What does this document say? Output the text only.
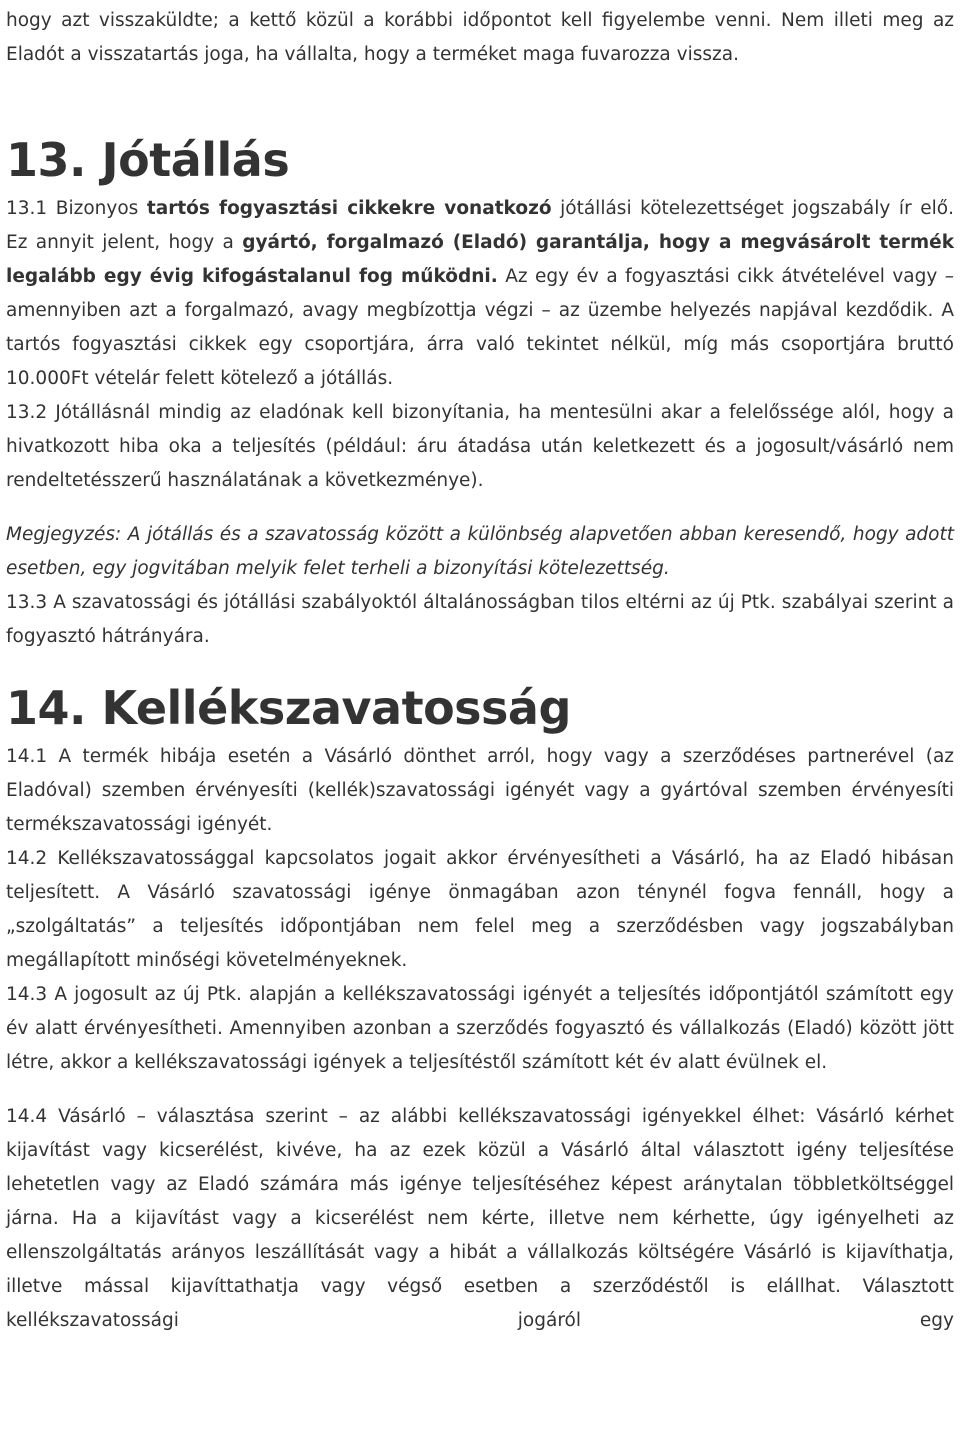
hogy azt visszaküldte; a kettő közül a korábbi időpontot kell figyelembe venni. Nem illeti meg az Eladót a visszatartás joga, ha vállalta, hogy a terméket maga fuvarozza vissza.

13. Jótállás

13.1 Bizonyos tartós fogyasztási cikkekre vonatkozó jótállási kötelezettséget jogszabály ír elő. Ez annyit jelent, hogy a gyártó, forgalmazó (Eladó) garantálja, hogy a megvásárolt termék legalább egy évig kifogástalanul fog működni. Az egy év a fogyasztási cikk átvételével vagy – amennyiben azt a forgalmazó, avagy megbízottja végzi – az üzembe helyezés napjával kezdődik. A tartós fogyasztási cikkek egy csoportjára, árra való tekintet nélkül, míg más csoportjára bruttó 10.000Ft vételár felett kötelező a jótállás.

13.2 Jótállásnál mindig az eladónak kell bizonyítania, ha mentesülni akar a felelőssége alól, hogy a hivatkozott hiba oka a teljesítés (például: áru átadása után keletkezett és a jogosult/vásárló nem rendeltetésszerű használatának a következménye).

Megjegyzés: A jótállás és a szavatosság között a különbség alapvetően abban keresendő, hogy adott esetben, egy jogvitában melyik felet terheli a bizonyítási kötelezettség.

13.3 A szavatossági és jótállási szabályoktól általánosságban tilos eltérni az új Ptk. szabályai szerint a fogyasztó hátrányára.

14. Kellékszavatosság

14.1 A termék hibája esetén a Vásárló dönthet arról, hogy vagy a szerződéses partnerével (az Eladóval) szemben érvényesíti (kellék)szavatossági igényét vagy a gyártóval szemben érvényesíti termékszavatossági igényét.

14.2 Kellékszavatossággal kapcsolatos jogait akkor érvényesítheti a Vásárló, ha az Eladó hibásan teljesített. A Vásárló szavatossági igénye önmagában azon ténynél fogva fennáll, hogy a „szolgáltatás” a teljesítés időpontjában nem felel meg a szerződésben vagy jogszabályban megállapított minőségi követelményeknek.

14.3 A jogosult az új Ptk. alapján a kellékszavatossági igényét a teljesítés időpontjától számított egy év alatt érvényesítheti. Amennyiben azonban a szerződés fogyasztó és vállalkozás (Eladó) között jött létre, akkor a kellékszavatossági igények a teljesítéstől számított két év alatt évülnek el.

14.4 Vásárló – választása szerint – az alábbi kellékszavatossági igényekkel élhet: Vásárló kérhet kijavítást vagy kicserélést, kivéve, ha az ezek közül a Vásárló által választott igény teljesítése lehetetlen vagy az Eladó számára más igénye teljesítéséhez képest aránytalan többletköltséggel járna. Ha a kijavítást vagy a kicserélést nem kérte, illetve nem kérhette, úgy igényelheti az ellenszolgáltatás arányos leszállítását vagy a hibát a vállalkozás költségére Vásárló is kijavíthatja, illetve mással kijavíttathatja vagy végső esetben a szerződéstől is elállhat. Választott kellékszavatossági jogáról egy
